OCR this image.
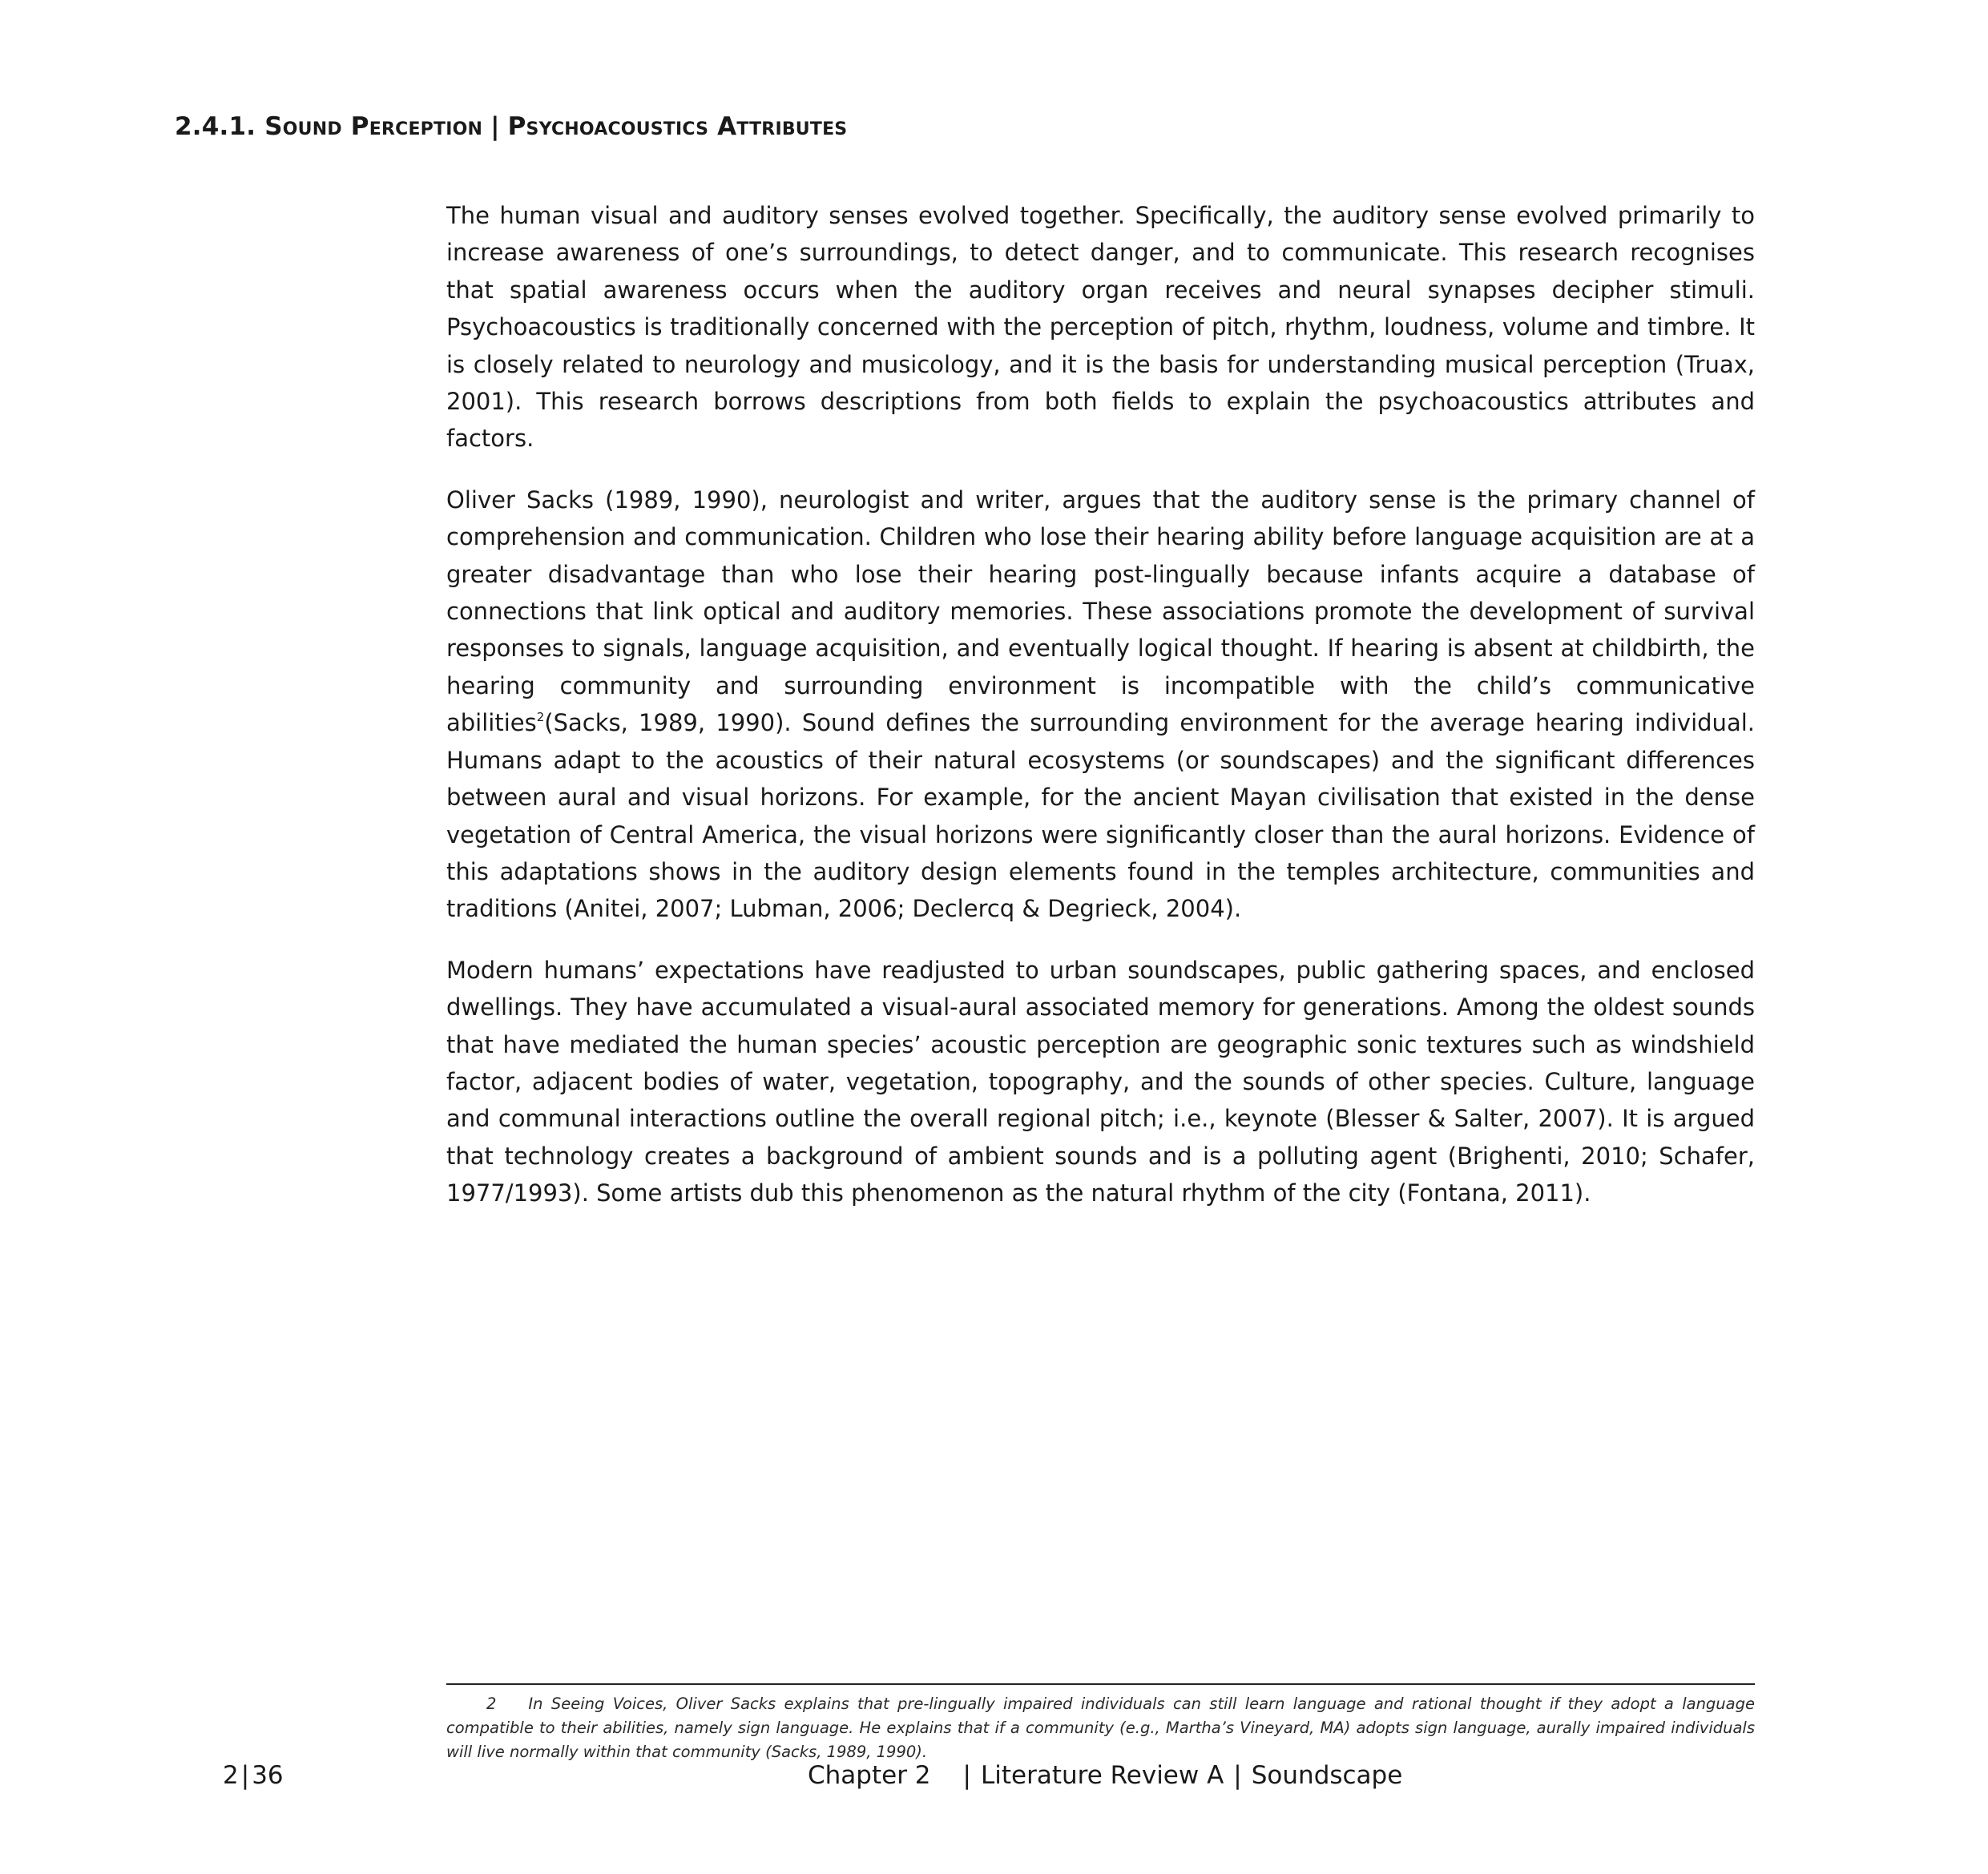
2.4.1. Sound Perception | Psychoacoustics Attributes

The human visual and auditory senses evolved together. Specifically, the auditory sense evolved primarily to increase awareness of one’s surroundings, to detect danger, and to communicate. This research recognises that spatial awareness occurs when the auditory organ receives and neural synapses decipher stimuli. Psychoacoustics is traditionally concerned with the perception of pitch, rhythm, loudness, volume and timbre. It is closely related to neurology and musicology, and it is the basis for understanding musical perception (Truax, 2001). This research borrows descriptions from both fields to explain the psychoacoustics attributes and factors.

Oliver Sacks (1989, 1990), neurologist and writer, argues that the auditory sense is the primary channel of comprehension and communication. Children who lose their hearing ability before language acquisition are at a greater disadvantage than who lose their hearing post-lingually because infants acquire a database of connections that link optical and auditory memories. These associations promote the development of survival responses to signals, language acquisition, and eventually logical thought. If hearing is absent at childbirth, the hearing community and surrounding environment is incompatible with the child’s communicative abilities$^2$(Sacks, 1989, 1990). Sound defines the surrounding environment for the average hearing individual. Humans adapt to the acoustics of their natural ecosystems (or soundscapes) and the significant differences between aural and visual horizons. For example, for the ancient Mayan civilisation that existed in the dense vegetation of Central America, the visual horizons were significantly closer than the aural horizons. Evidence of this adaptations shows in the auditory design elements found in the temples architecture, communities and traditions (Anitei, 2007; Lubman, 2006; Declercq & Degrieck, 2004).

Modern humans’ expectations have readjusted to urban soundscapes, public gathering spaces, and enclosed dwellings. They have accumulated a visual-aural associated memory for generations. Among the oldest sounds that have mediated the human species’ acoustic perception are geographic sonic textures such as windshield factor, adjacent bodies of water, vegetation, topography, and the sounds of other species. Culture, language and communal interactions outline the overall regional pitch; i.e., keynote (Blesser & Salter, 2007). It is argued that technology creates a background of ambient sounds and is a polluting agent (Brighenti, 2010; Schafer, 1977/1993). Some artists dub this phenomenon as the natural rhythm of the city (Fontana, 2011).

2 In Seeing Voices, Oliver Sacks explains that pre-lingually impaired individuals can still learn language and rational thought if they adopt a language compatible to their abilities, namely sign language. He explains that if a community (e.g., Martha’s Vineyard, MA) adopts sign language, aurally impaired individuals will live normally within that community (Sacks, 1989, 1990).
2|36	Chapter 2 | Literature Review A | Soundscape
